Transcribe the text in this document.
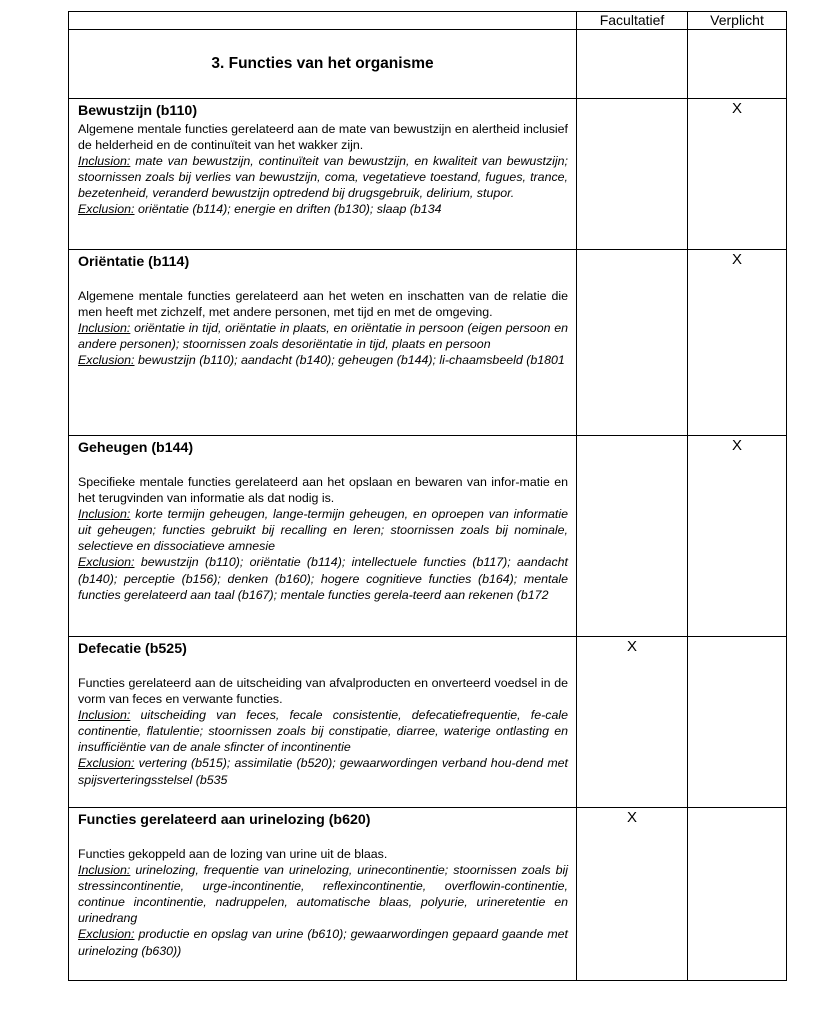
	Facultatief	Verplicht

3. Functies van het organisme		

Bewustzijn (b110)

Algemene mentale functies gerelateerd aan de mate van bewustzijn en alertheid inclusief de helderheid en de continuïteit van het wakker zijn.

Inclusion: mate van bewustzijn, continuïteit van bewustzijn, en kwaliteit van bewustzijn; stoornissen zoals bij verlies van bewustzijn, coma, vegetatieve toestand, fugues, trance, bezetenheid, veranderd bewustzijn optredend bij drugsgebruik, delirium, stupor.

Exclusion: oriëntatie (b114); energie en driften (b130); slaap (b134		X

Oriëntatie (b114)

Algemene mentale functies gerelateerd aan het weten en inschatten van de relatie die men heeft met zichzelf, met andere personen, met tijd en met de omgeving.

Inclusion: oriëntatie in tijd, oriëntatie in plaats, en oriëntatie in persoon (eigen persoon en andere personen); stoornissen zoals desoriëntatie in tijd, plaats en persoon

Exclusion: bewustzijn (b110); aandacht (b140); geheugen (b144); li-chaamsbeeld (b1801		X

Geheugen (b144)

Specifieke mentale functies gerelateerd aan het opslaan en bewaren van infor-matie en het terugvinden van informatie als dat nodig is.

Inclusion: korte termijn geheugen, lange-termijn geheugen, en oproepen van informatie uit geheugen; functies gebruikt bij recalling en leren; stoornissen zoals bij nominale, selectieve en dissociatieve amnesie

Exclusion: bewustzijn (b110); oriëntatie (b114); intellectuele functies (b117); aandacht (b140); perceptie (b156); denken (b160); hogere cognitieve functies (b164); mentale functies gerelateerd aan taal (b167); mentale functies gerela-teerd aan rekenen (b172		X

Defecatie (b525)

Functies gerelateerd aan de uitscheiding van afvalproducten en onverteerd voedsel in de vorm van feces en verwante functies.

Inclusion: uitscheiding van feces, fecale consistentie, defecatiefrequentie, fe-cale continentie, flatulentie; stoornissen zoals bij constipatie, diarree, waterige ontlasting en insufficiëntie van de anale sfincter of incontinentie

Exclusion: vertering (b515); assimilatie (b520); gewaarwordingen verband hou-dend met spijsverteringsstelsel (b535	X	

Functies gerelateerd aan urinelozing (b620)

Functies gekoppeld aan de lozing van urine uit de blaas.

Inclusion: urinelozing, frequentie van urinelozing, urinecontinentie; stoornissen zoals bij stressincontinentie, urge-incontinentie, reflexincontinentie, overflowin-continentie, continue incontinentie, nadruppelen, automatische blaas, polyurie, urineretentie en urinedrang

Exclusion: productie en opslag van urine (b610); gewaarwordingen gepaard gaande met urinelozing (b630))	X	
